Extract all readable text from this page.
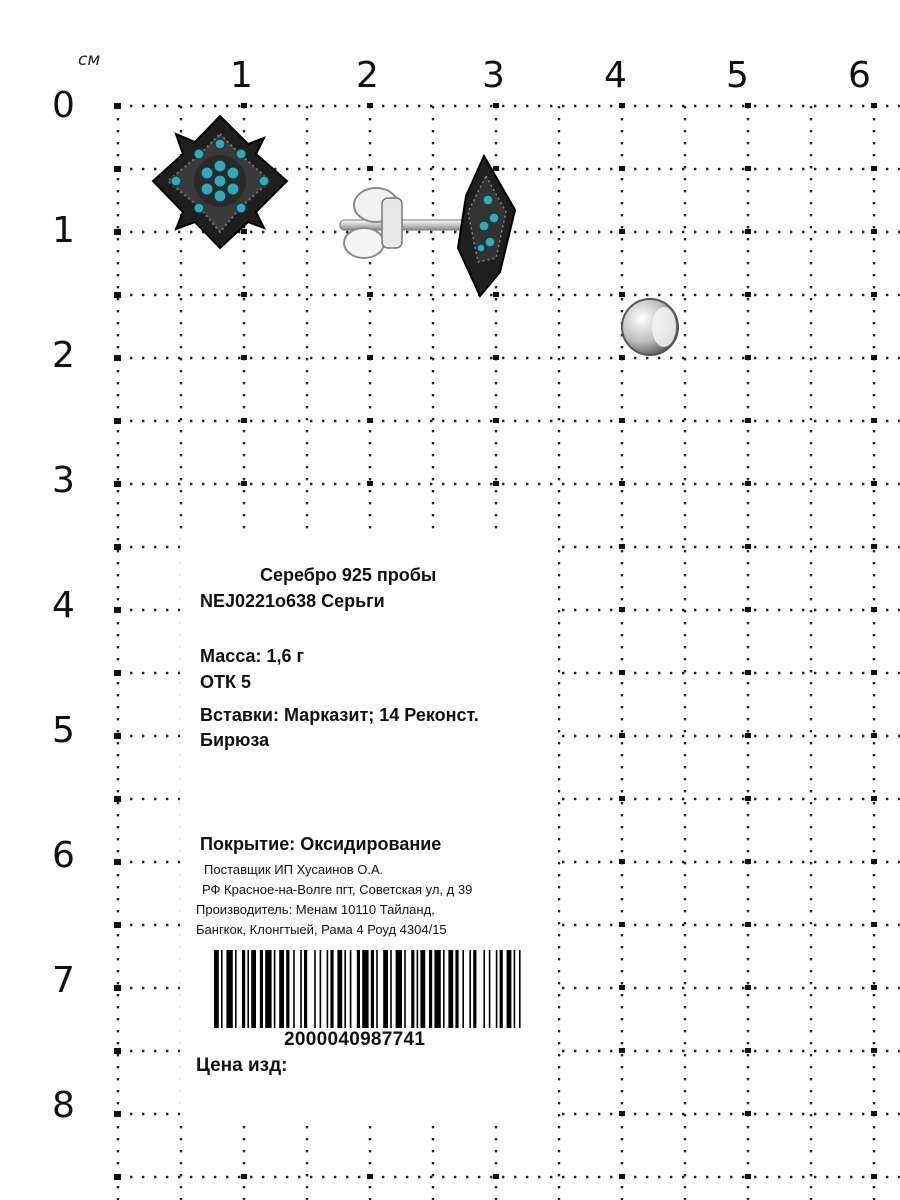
см	1	2	3	4	5	6
0
1
2
3
4
5
6
7
8
Серебро 925 пробы
NEJ0221o638 Серьги
Масса: 1,6 г
ОТК 5
Вставки: Марказит; 14 Реконст.
Бирюза
Покрытие: Оксидирование
Поставщик ИП Хусаинов О.А.
РФ Красное-на-Волге пгт, Советская ул, д 39
Производитель: Менам 10110 Тайланд,
Бангкок, Клонгтыей, Рама 4 Роуд 4304/15
2000040987741
Цена изд:
